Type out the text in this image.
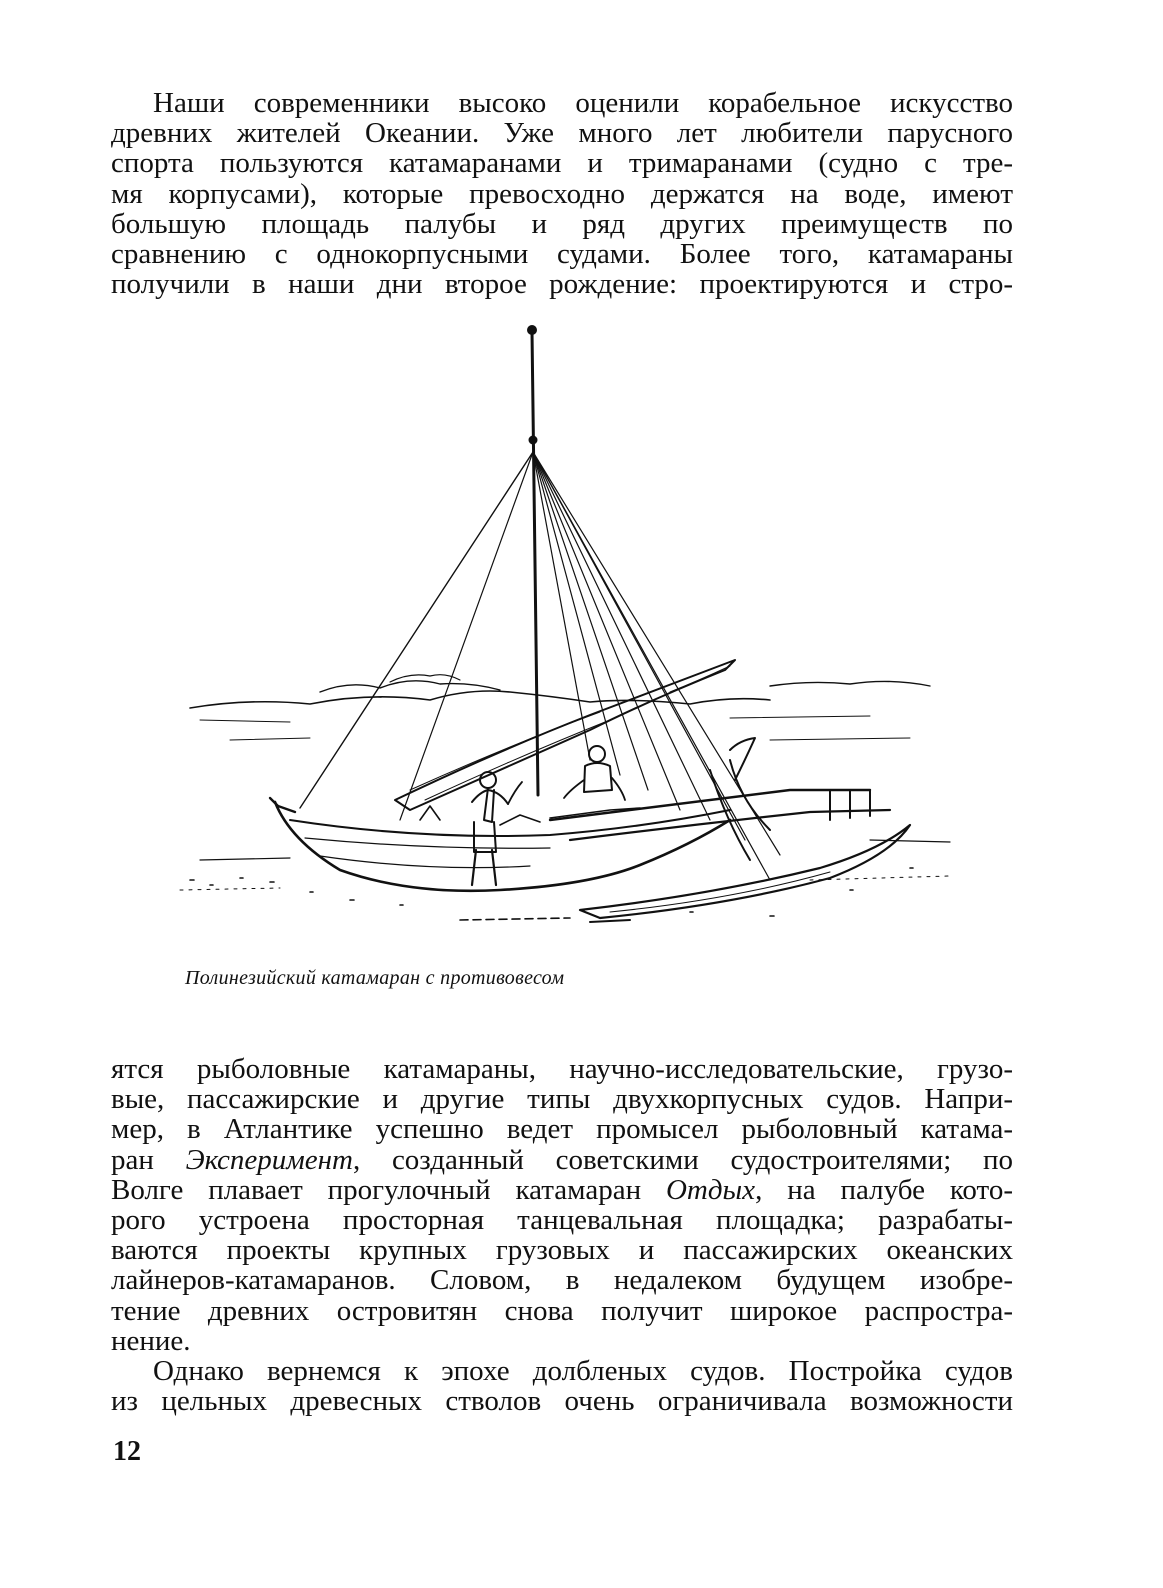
Наши современники высоко оценили корабельное искусство
древних жителей Океании. Уже много лет любители парусного
спорта пользуются катамаранами и тримаранами (судно с тре-
мя корпусами), которые превосходно держатся на воде, имеют
большую площадь палубы и ряд других преимуществ по
сравнению с однокорпусными судами. Более того, катамараны
получили в наши дни второе рождение: проектируются и стро-
Полинезийский катамаран с противовесом
ятся рыболовные катамараны, научно-исследовательские, грузо-
вые, пассажирские и другие типы двухкорпусных судов. Напри-
мер, в Атлантике успешно ведет промысел рыболовный катама-
ран Эксперимент, созданный советскими судостроителями; по
Волге плавает прогулочный катамаран Отдых, на палубе кото-
рого устроена просторная танцевальная площадка; разрабаты-
ваются проекты крупных грузовых и пассажирских океанских
лайнеров-катамаранов. Словом, в недалеком будущем изобре-
тение древних островитян снова получит широкое распростра-
нение.
Однако вернемся к эпохе долбленых судов. Постройка судов
из цельных древесных стволов очень ограничивала возможности
12
